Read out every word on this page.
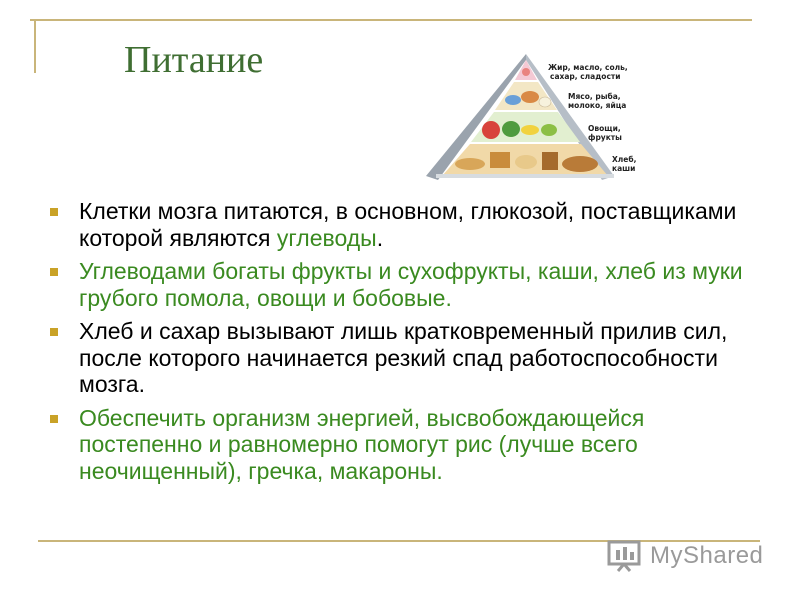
Питание	Жир, масло, соль,
сахар, сладости
Мясо, рыба,
молоко, яйца
Овощи,
фрукты
Хлеб,
каши
Клетки мозга питаются, в основном, глюкозой, поставщиками которой являются углеводы.
Углеводами богаты фрукты и сухофрукты, каши, хлеб из муки грубого помола, овощи и бобовые.
Хлеб и сахар вызывают лишь кратковременный прилив сил, после которого начинается резкий спад работоспособности мозга.
Обеспечить организм энергией, высвобождающейся постепенно и равномерно помогут рис (лучше всего неочищенный), гречка, макароны.
MyShared
